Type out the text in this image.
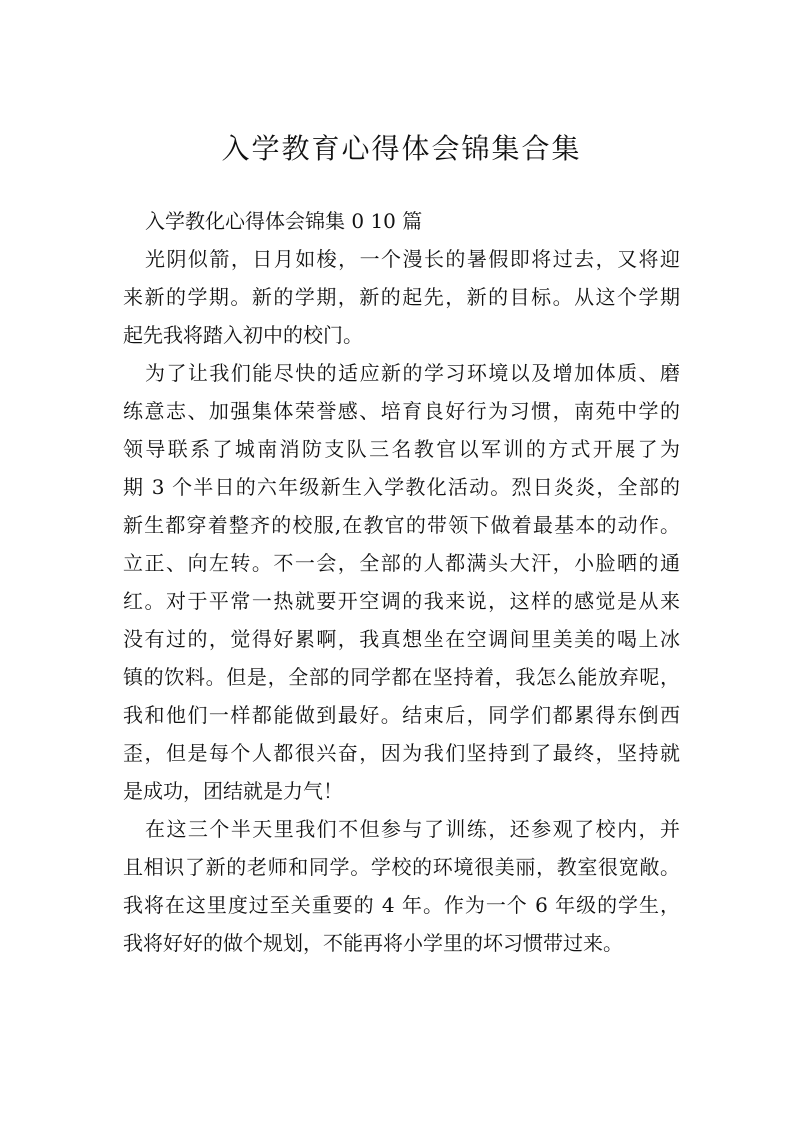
入学教育心得体会锦集合集
入学教化心得体会锦集 0 10 篇

光阴似箭，日月如梭，一个漫长的暑假即将过去，又将迎
来新的学期。新的学期，新的起先，新的目标。从这个学期
起先我将踏入初中的校门。

为了让我们能尽快的适应新的学习环境以及增加体质、磨
练意志、加强集体荣誉感、培育良好行为习惯，南苑中学的
领导联系了城南消防支队三名教官以军训的方式开展了为
期 3 个半日的六年级新生入学教化活动。烈日炎炎，全部的
新生都穿着整齐的校服,在教官的带领下做着最基本的动作。
立正、向左转。不一会，全部的人都满头大汗，小脸晒的通
红。对于平常一热就要开空调的我来说，这样的感觉是从来
没有过的，觉得好累啊，我真想坐在空调间里美美的喝上冰
镇的饮料。但是，全部的同学都在坚持着，我怎么能放弃呢，
我和他们一样都能做到最好。结束后，同学们都累得东倒西
歪，但是每个人都很兴奋，因为我们坚持到了最终，坚持就
是成功，团结就是力气！

在这三个半天里我们不但参与了训练，还参观了校内，并
且相识了新的老师和同学。学校的环境很美丽，教室很宽敞。
我将在这里度过至关重要的 4 年。作为一个 6 年级的学生，
我将好好的做个规划，不能再将小学里的坏习惯带过来。
